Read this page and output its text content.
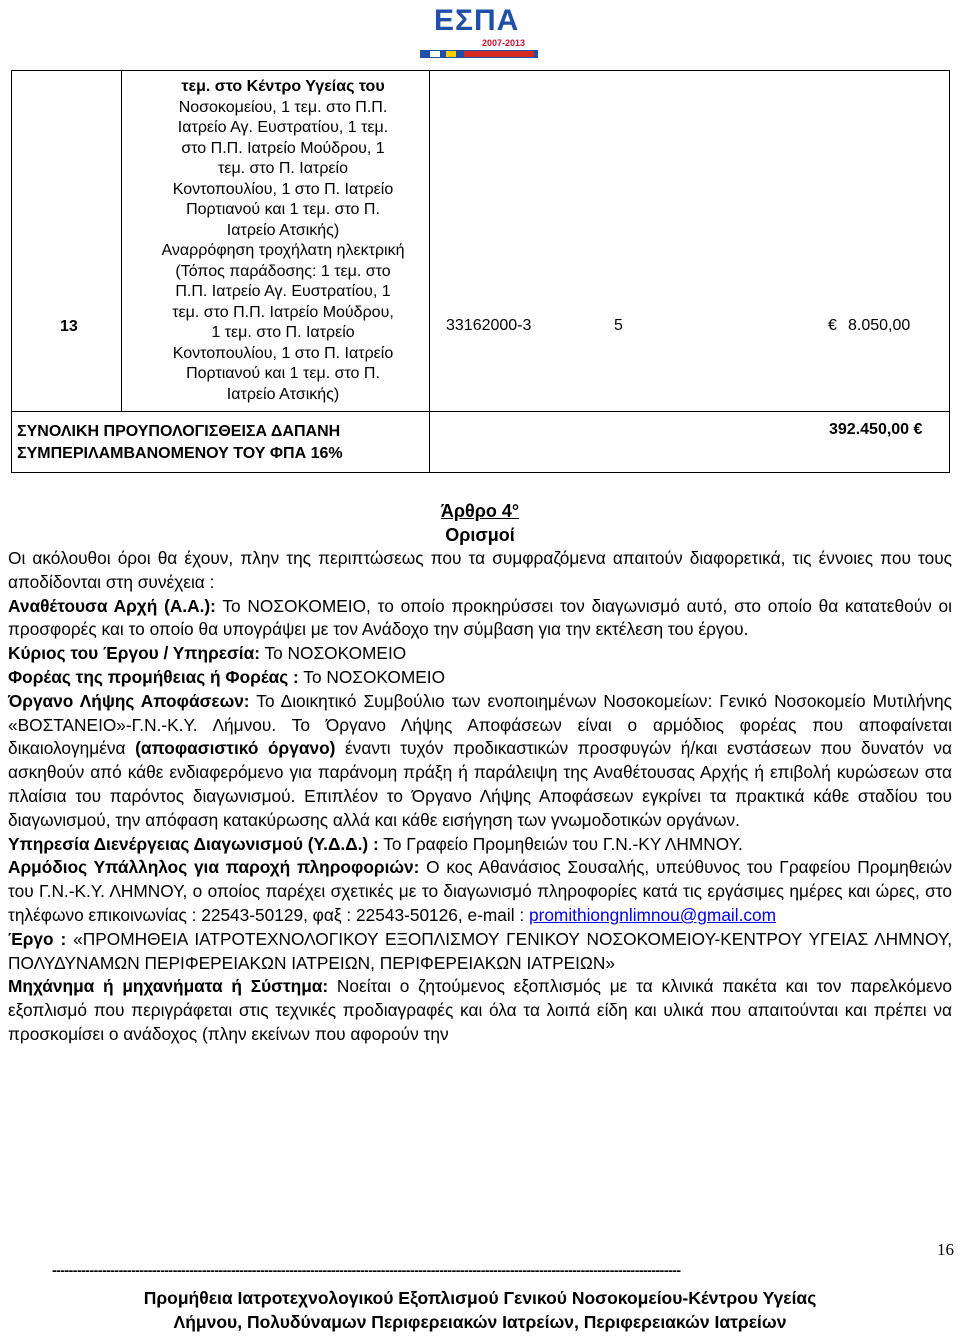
ΕΣΠΑ
2007-2013
13
τεμ. στο Κέντρο Υγείας του
Νοσοκομείου, 1 τεμ. στο Π.Π.
Ιατρείο Αγ. Ευστρατίου, 1 τεμ.
στο Π.Π. Ιατρείο Μούδρου, 1
τεμ. στο Π. Ιατρείο
Κοντοπουλίου, 1 στο Π. Ιατρείο
Πορτιανού και 1 τεμ. στο Π.
Ιατρείο Ατσικής)
Αναρρόφηση τροχήλατη ηλεκτρική
(Τόπος παράδοσης: 1 τεμ. στο
Π.Π. Ιατρείο Αγ. Ευστρατίου, 1
τεμ. στο Π.Π. Ιατρείο Μούδρου,
1 τεμ. στο Π. Ιατρείο
Κοντοπουλίου, 1 στο Π. Ιατρείο
Πορτιανού και 1 τεμ. στο Π.
Ιατρείο Ατσικής)
33162000-3	5	€ 8.050,00
ΣΥΝΟΛΙΚΗ ΠΡΟΥΠΟΛΟΓΙΣΘΕΙΣΑ ΔΑΠΑΝΗ
ΣΥΜΠΕΡΙΛΑΜΒΑΝΟΜΕΝΟΥ ΤΟΥ ΦΠΑ 16%
392.450,00 €
Άρθρο 4°
Ορισμοί

Οι ακόλουθοι όροι θα έχουν, πλην της περιπτώσεως που τα συμφραζόμενα απαιτούν διαφορετικά, τις έννοιες που τους αποδίδονται στη συνέχεια :

Αναθέτουσα Αρχή (Α.Α.): Το ΝΟΣΟΚΟΜΕΙΟ, το οποίο προκηρύσσει τον διαγωνισμό αυτό, στο οποίο θα κατατεθούν οι προσφορές και το οποίο θα υπογράψει με τον Ανάδοχο την σύμβαση για την εκτέλεση του έργου.

Κύριος του Έργου / Υπηρεσία: Το ΝΟΣΟΚΟΜΕΙΟ

Φορέας της προμήθειας ή Φορέας : Το ΝΟΣΟΚΟΜΕΙΟ

Όργανο Λήψης Αποφάσεων: Το Διοικητικό Συμβούλιο των ενοποιημένων Νοσοκομείων: Γενικό Νοσοκομείο Μυτιλήνης «ΒΟΣΤΑΝΕΙΟ»-Γ.Ν.-Κ.Υ. Λήμνου. Το Όργανο Λήψης Αποφάσεων είναι ο αρμόδιος φορέας που αποφαίνεται δικαιολογημένα (αποφασιστικό όργανο) έναντι τυχόν προδικαστικών προσφυγών ή/και ενστάσεων που δυνατόν να ασκηθούν από κάθε ενδιαφερόμενο για παράνομη πράξη ή παράλειψη της Αναθέτουσας Αρχής ή επιβολή κυρώσεων στα πλαίσια του παρόντος διαγωνισμού. Επιπλέον το Όργανο Λήψης Αποφάσεων εγκρίνει τα πρακτικά κάθε σταδίου του διαγωνισμού, την απόφαση κατακύρωσης αλλά και κάθε εισήγηση των γνωμοδοτικών οργάνων.

Υπηρεσία Διενέργειας Διαγωνισμού (Υ.Δ.Δ.) : Το Γραφείο Προμηθειών του Γ.Ν.-ΚΥ ΛΗΜΝΟΥ.

Αρμόδιος Υπάλληλος για παροχή πληροφοριών: Ο κος Αθανάσιος Σουσαλής, υπεύθυνος του Γραφείου Προμηθειών του Γ.Ν.-Κ.Υ. ΛΗΜΝΟΥ, ο οποίος παρέχει σχετικές με το διαγωνισμό πληροφορίες κατά τις εργάσιμες ημέρες και ώρες, στο τηλέφωνο επικοινωνίας : 22543-50129, φαξ : 22543-50126, e-mail : promithiongnlimnou@gmail.com

Έργο : «ΠΡΟΜΗΘΕΙΑ ΙΑΤΡΟΤΕΧΝΟΛΟΓΙΚΟΥ ΕΞΟΠΛΙΣΜΟΥ ΓΕΝΙΚΟΥ ΝΟΣΟΚΟΜΕΙΟΥ-ΚΕΝΤΡΟΥ ΥΓΕΙΑΣ ΛΗΜΝΟΥ, ΠΟΛΥΔΥΝΑΜΩΝ ΠΕΡΙΦΕΡΕΙΑΚΩΝ ΙΑΤΡΕΙΩΝ, ΠΕΡΙΦΕΡΕΙΑΚΩΝ ΙΑΤΡΕΙΩΝ»

Μηχάνημα ή μηχανήματα ή Σύστημα: Νοείται ο ζητούμενος εξοπλισμός με τα κλινικά πακέτα και τον παρελκόμενο εξοπλισμό που περιγράφεται στις τεχνικές προδιαγραφές και όλα τα λοιπά είδη και υλικά που απαιτούνται και πρέπει να προσκομίσει ο ανάδοχος (πλην εκείνων που αφορούν την

16
-------------------------------------------------------------------------------------------------------------------------------------------------------
Προμήθεια Ιατροτεχνολογικού Εξοπλισμού Γενικού Νοσοκομείου-Κέντρου Υγείας
Λήμνου, Πολυδύναμων Περιφερειακών Ιατρείων, Περιφερειακών Ιατρείων
